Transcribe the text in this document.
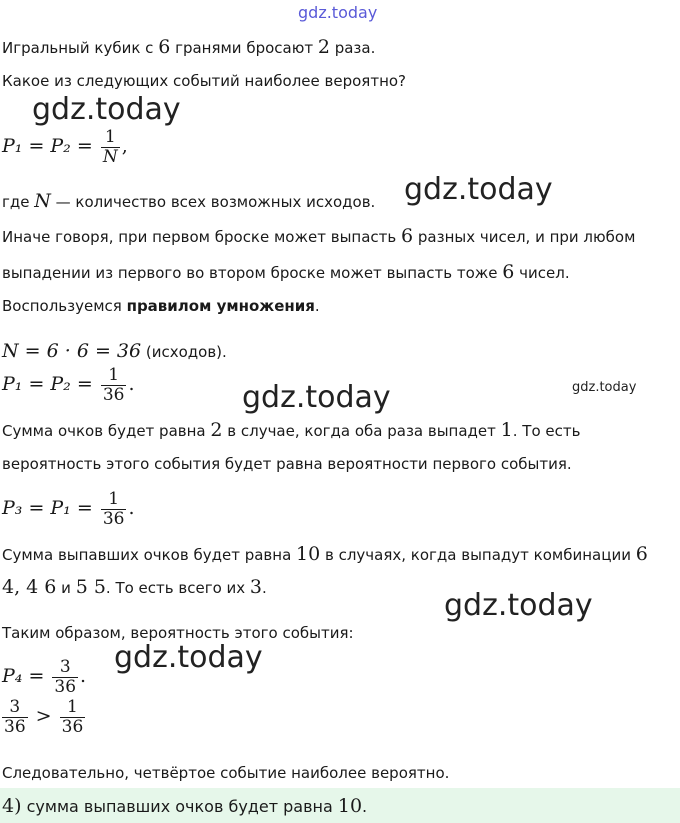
gdz.today
Игральный кубик с 6 гранями бросают 2 раза.
Какое из следующих событий наиболее вероятно?
gdz.today
$P_1 = P_2 = \frac{1}{N}$ ,
где N — количество всех возможных исходов. gdz.today
Иначе говоря, при первом броске может выпасть 6 разных чисел, и при любом
выпадении из первого во втором броске может выпасть тоже 6 чисел.
Воспользуемся правилом умножения.
N = 6 · 6 = 36 (исходов).
$P_1 = P_2 = \frac{1}{36}$ .	gdz.today	gdz.today
Сумма очков будет равна 2 в случае, когда оба раза выпадет 1. То есть
вероятность этого события будет равна вероятности первого события.
$P_3 = P_1 = \frac{1}{36}$ .
Сумма выпавших очков будет равна 10 в случаях, когда выпадут комбинации 6
4, 4 6 и 5 5. То есть всего их 3.	gdz.today
Таким образом, вероятность этого события:
gdz.today
$P_4 = \frac{3}{36}$ .
$\frac{3}{36} > \frac{1}{36}$
Следовательно, четвёртое событие наиболее вероятно.
4) сумма выпавших очков будет равна 10.
